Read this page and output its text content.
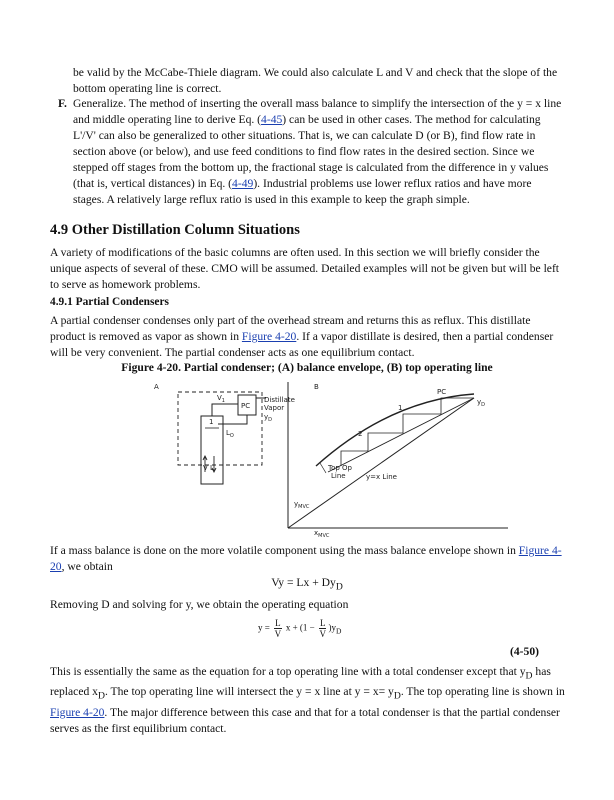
be valid by the McCabe-Thiele diagram. We could also calculate L and V and check that the slope of the bottom operating line is correct.

F. Generalize. The method of inserting the overall mass balance to simplify the intersection of the y = x line and middle operating line to derive Eq. (4-45) can be used in other cases. The method for calculating L'/V' can also be generalized to other situations. That is, we can calculate D (or B), find flow rate in section above (or below), and use feed conditions to find flow rates in the desired section. Since we stepped off stages from the bottom up, the fractional stage is calculated from the difference in y values (that is, vertical distances) in Eq. (4-49). Industrial problems use lower reflux ratios and have more stages. A relatively large reflux ratio is used in this example to keep the graph simple.

4.9 Other Distillation Column Situations

A variety of modifications of the basic columns are often used. In this section we will briefly consider the unique aspects of several of these. CMO will be assumed. Detailed examples will not be given but will be left to serve as homework problems.

4.9.1 Partial Condensers

A partial condenser condenses only part of the overhead stream and returns this as reflux. This distillate product is removed as vapor as shown in Figure 4-20. If a vapor distillate is desired, then a partial condenser will be very convenient. The partial condenser acts as one equilibrium contact.

Figure 4-20. Partial condenser; (A) balance envelope, (B) top operating line
A
1
$V_1$
PC
$L_O$
Distillate
Vapor
$y_D$
V L
B
PC
1
2
$y_D$
Top Op
Line	y=x Line
$y_{MVC}$
$x_{MVC}$

If a mass balance is done on the more volatile component using the mass balance envelope shown in Figure 4-20, we obtain

$Vy = Lx + Dy_D$

Removing D and solving for y, we obtain the operating equation

$y = \frac{L}{V}$ $x + (1 - \frac{L}{V} )y_D$
(4-50)

This is essentially the same as the equation for a top operating line with a total condenser except that $y_D$ has replaced $x_D$. The top operating line will intersect the y = x line at $y = x= y_D$. The top operating line is shown in Figure 4-20. The major difference between this case and that for a total condenser is that the partial condenser serves as the first equilibrium contact.
